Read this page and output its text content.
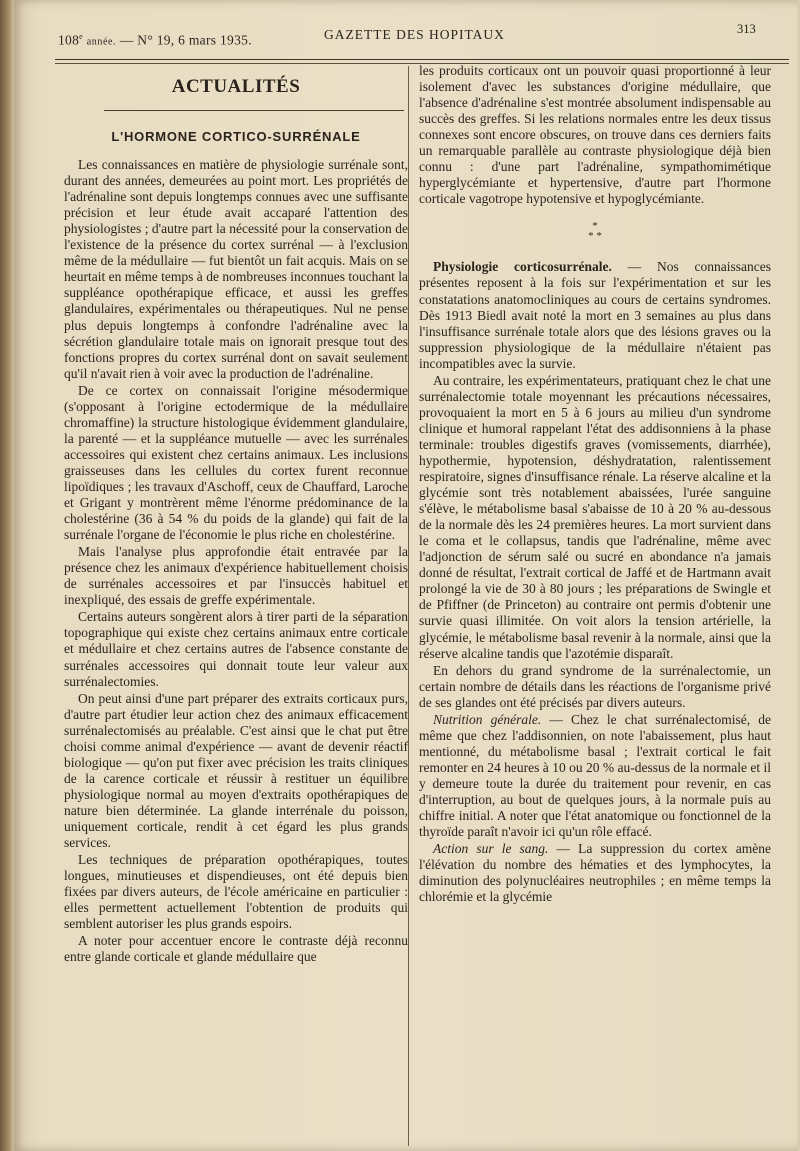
108e année. — N° 19, 6 mars 1935.	GAZETTE DES HOPITAUX	313
ACTUALITÉS
L'HORMONE CORTICO-SURRÉNALE

Les connaissances en matière de physiologie surrénale sont, durant des années, demeurées au point mort. Les propriétés de l'adrénaline sont depuis longtemps connues avec une suffisante précision et leur étude avait accaparé l'attention des physiologistes ; d'autre part la nécessité pour la conservation de l'existence de la présence du cortex surrénal — à l'exclusion même de la médullaire — fut bientôt un fait acquis. Mais on se heurtait en même temps à de nombreuses inconnues touchant la suppléance opothérapique efficace, et aussi les greffes glandulaires, expérimentales ou thérapeutiques. Nul ne pense plus depuis longtemps à confondre l'adrénaline avec la sécrétion glandulaire totale mais on ignorait presque tout des fonctions propres du cortex surrénal dont on savait seulement qu'il n'avait rien à voir avec la production de l'adrénaline.

De ce cortex on connaissait l'origine mésodermique (s'opposant à l'origine ectodermique de la médullaire chromaffine) la structure histologique évidemment glandulaire, la parenté — et la suppléance mutuelle — avec les surrénales accessoires qui existent chez certains animaux. Les inclusions graisseuses dans les cellules du cortex furent reconnue lipoïdiques ; les travaux d'Aschoff, ceux de Chauffard, Laroche et Grigant y montrèrent même l'énorme prédominance de la cholestérine (36 à 54 % du poids de la glande) qui fait de la surrénale l'organe de l'économie le plus riche en cholestérine.

Mais l'analyse plus approfondie était entravée par la présence chez les animaux d'expérience habituellement choisis de surrénales accessoires et par l'insuccès habituel et inexpliqué, des essais de greffe expérimentale.

Certains auteurs songèrent alors à tirer parti de la séparation topographique qui existe chez certains animaux entre corticale et médullaire et chez certains autres de l'absence constante de surrénales accessoires qui donnait toute leur valeur aux surrénalectomies.

On peut ainsi d'une part préparer des extraits corticaux purs, d'autre part étudier leur action chez des animaux efficacement surrénalectomisés au préalable. C'est ainsi que le chat put être choisi comme animal d'expérience — avant de devenir réactif biologique — qu'on put fixer avec précision les traits cliniques de la carence corticale et réussir à restituer un équilibre physiologique normal au moyen d'extraits opothérapiques de nature bien déterminée. La glande interrénale du poisson, uniquement corticale, rendit à cet égard les plus grands services.

Les techniques de préparation opothérapiques, toutes longues, minutieuses et dispendieuses, ont été depuis bien fixées par divers auteurs, de l'école américaine en particulier : elles permettent actuellement l'obtention de produits qui semblent autoriser les plus grands espoirs.

A noter pour accentuer encore le contraste déjà reconnu entre glande corticale et glande médullaire que

les produits corticaux ont un pouvoir quasi proportionné à leur isolement d'avec les substances d'origine médullaire, que l'absence d'adrénaline s'est montrée absolument indispensable au succès des greffes. Si les relations normales entre les deux tissus connexes sont encore obscures, on trouve dans ces derniers faits un remarquable parallèle au contraste physiologique déjà bien connu : d'une part l'adrénaline, sympathomimétique hyperglycémiante et hypertensive, d'autre part l'hormone corticale vagotrope hypotensive et hypoglycémiante.

*
* *

Physiologie corticosurrénale. — Nos connaissances présentes reposent à la fois sur l'expérimentation et sur les constatations anatomocliniques au cours de certains syndromes. Dès 1913 Biedl avait noté la mort en 3 semaines au plus dans l'insuffisance surrénale totale alors que des lésions graves ou la suppression physiologique de la médullaire n'étaient pas incompatibles avec la survie.

Au contraire, les expérimentateurs, pratiquant chez le chat une surrénalectomie totale moyennant les précautions nécessaires, provoquaient la mort en 5 à 6 jours au milieu d'un syndrome clinique et humoral rappelant l'état des addisonniens à la phase terminale: troubles digestifs graves (vomissements, diarrhée), hypothermie, hypotension, déshydratation, ralentissement respiratoire, signes d'insuffisance rénale. La réserve alcaline et la glycémie sont très notablement abaissées, l'urée sanguine s'élève, le métabolisme basal s'abaisse de 10 à 20 % au-dessous de la normale dès les 24 premières heures. La mort survient dans le coma et le collapsus, tandis que l'adrénaline, même avec l'adjonction de sérum salé ou sucré en abondance n'a jamais donné de résultat, l'extrait cortical de Jaffé et de Hartmann avait prolongé la vie de 30 à 80 jours ; les préparations de Swingle et de Pfiffner (de Princeton) au contraire ont permis d'obtenir une survie quasi illimitée. On voit alors la tension artérielle, la glycémie, le métabolisme basal revenir à la normale, ainsi que la réserve alcaline tandis que l'azotémie disparaît.

En dehors du grand syndrome de la surrénalectomie, un certain nombre de détails dans les réactions de l'organisme privé de ses glandes ont été précisés par divers auteurs.

Nutrition générale. — Chez le chat surrénalectomisé, de même que chez l'addisonnien, on note l'abaissement, plus haut mentionné, du métabolisme basal ; l'extrait cortical le fait remonter en 24 heures à 10 ou 20 % au-dessus de la normale et il y demeure toute la durée du traitement pour revenir, en cas d'interruption, au bout de quelques jours, à la normale puis au chiffre initial. A noter que l'état anatomique ou fonctionnel de la thyroïde paraît n'avoir ici qu'un rôle effacé.

Action sur le sang. — La suppression du cortex amène l'élévation du nombre des hématies et des lymphocytes, la diminution des polynucléaires neutrophiles ; en même temps la chlorémie et la glycémie
